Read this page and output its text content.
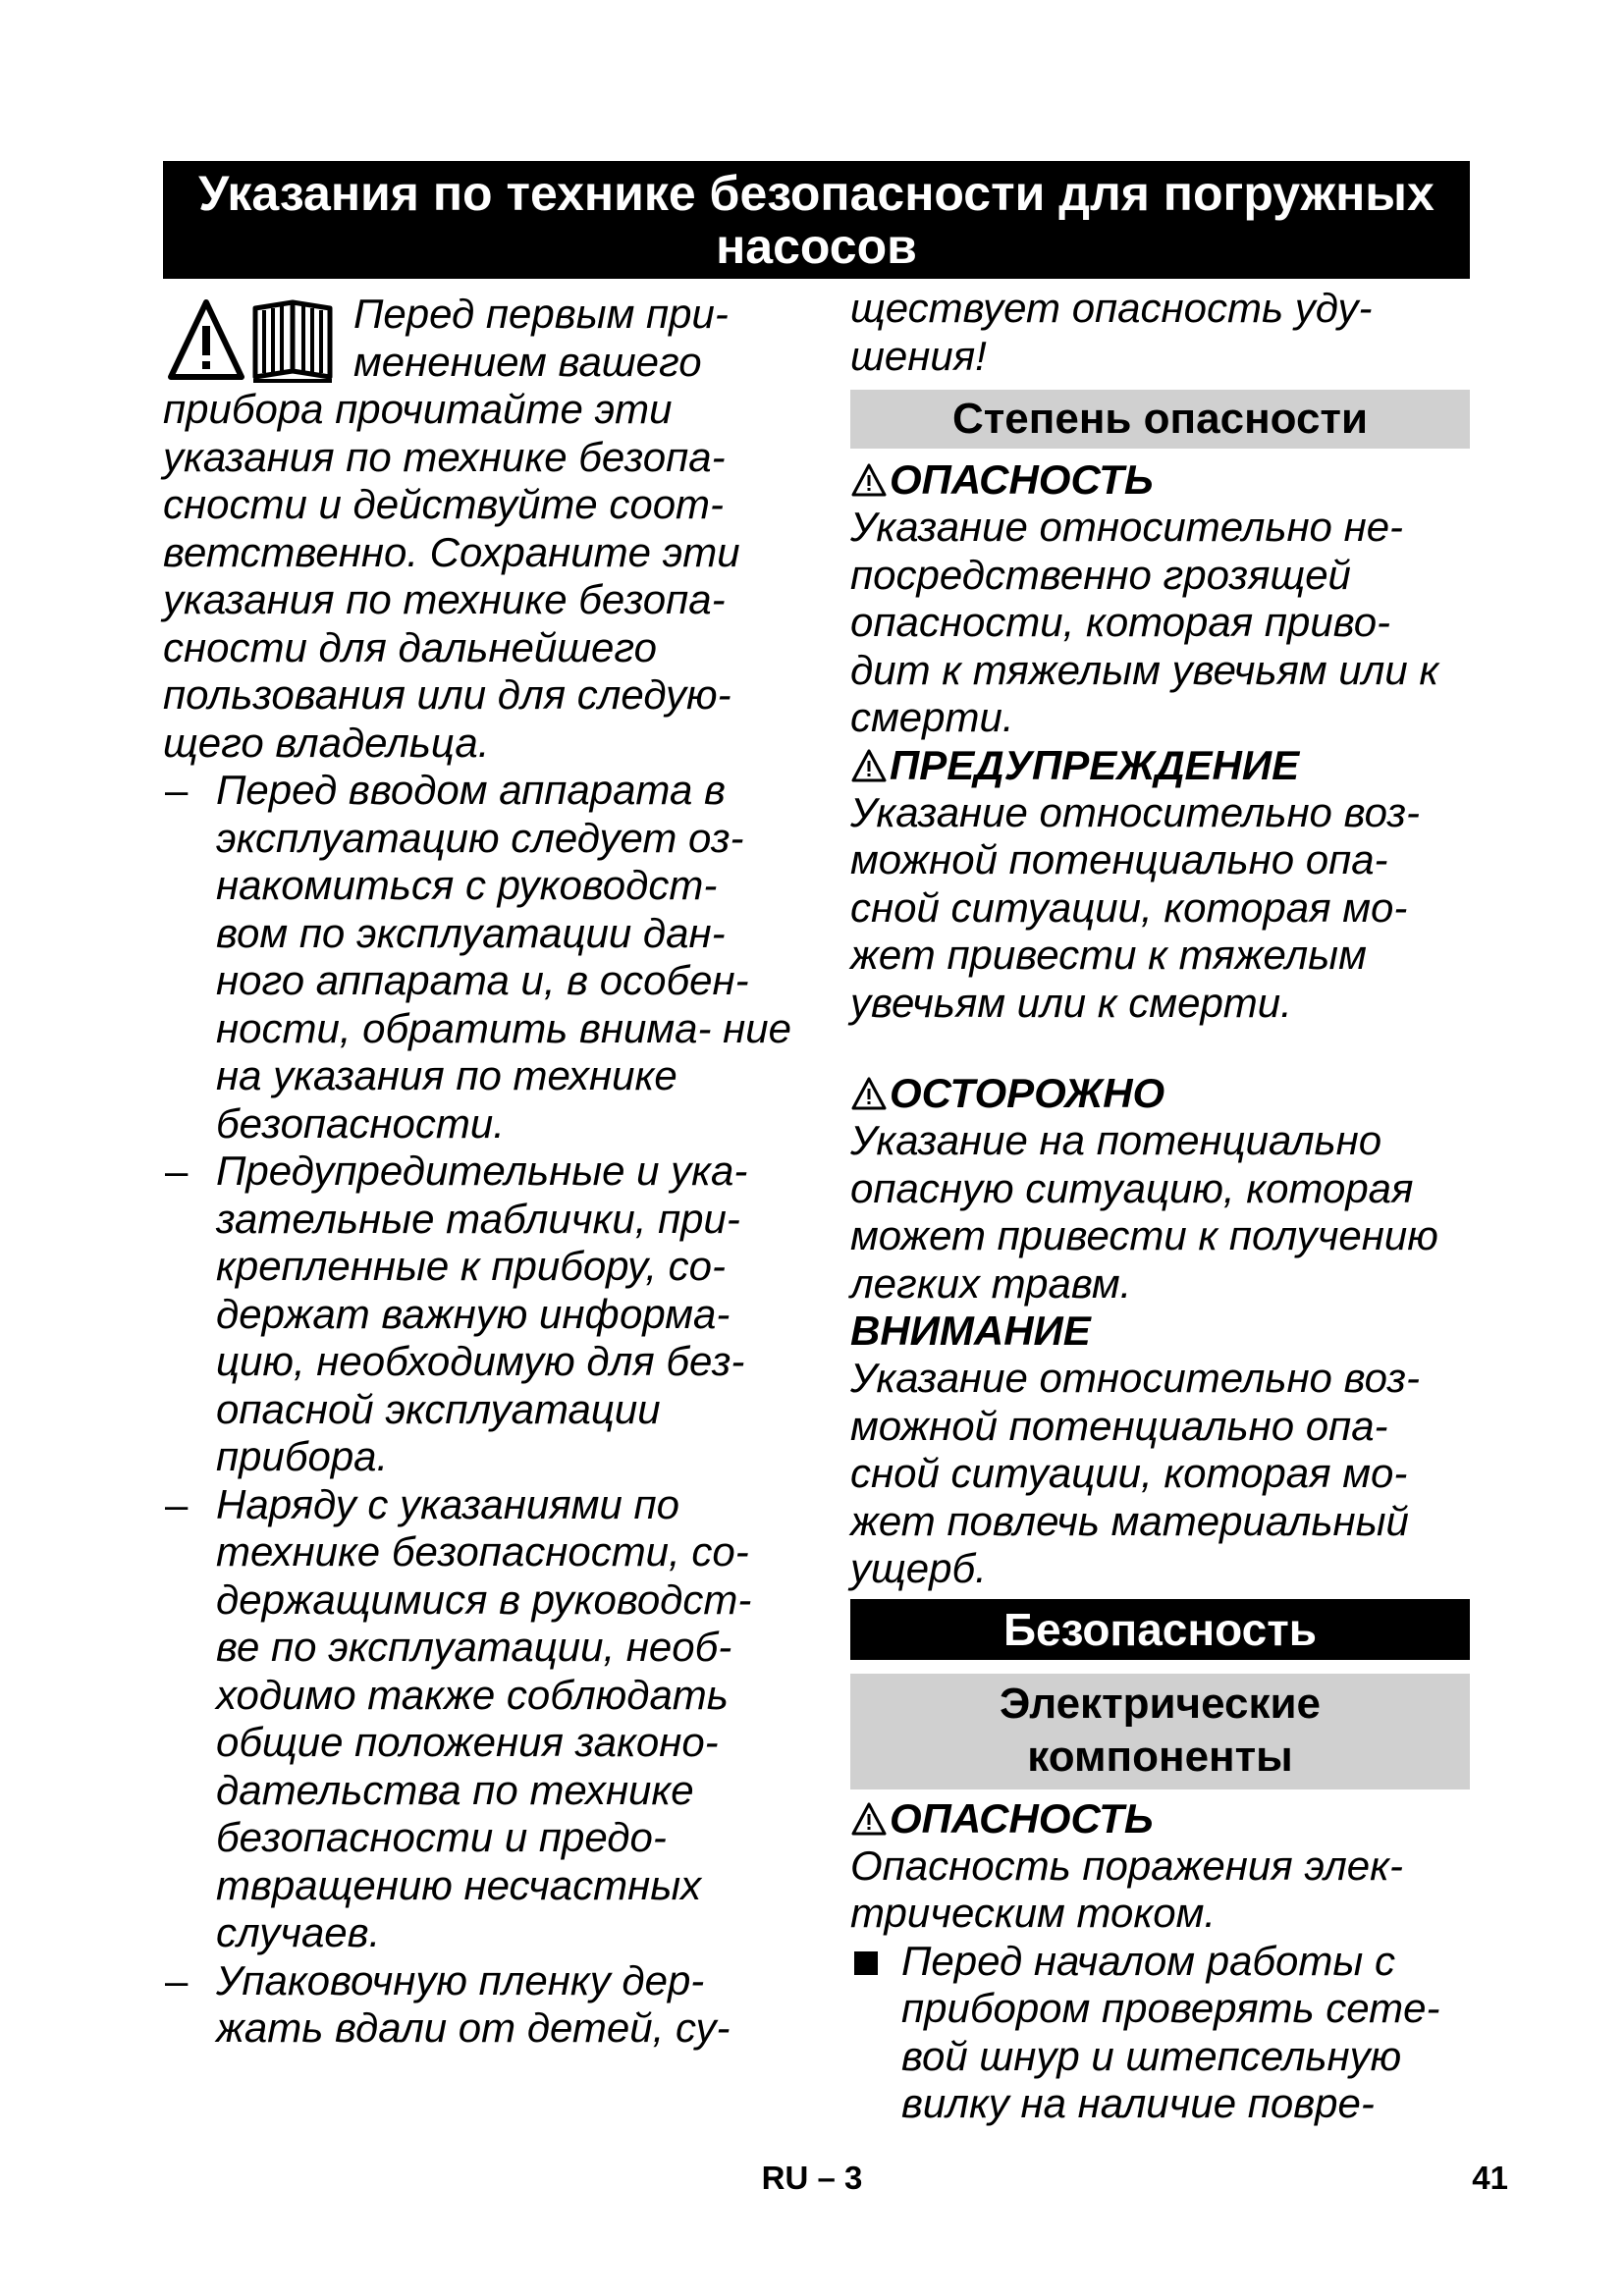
Указания по технике безопасности для погружных насосов
Перед первым при-
менением вашего

прибора прочитайте эти указания по технике безопа- сности и действуйте соот- ветственно. Сохраните эти указания по технике безопа- сности для дальнейшего пользования или для следую- щего владельца.

– Перед вводом аппарата в эксплуатацию следует оз- накомиться с руководст- вом по эксплуатации дан- ного аппарата и, в особен- ности, обратить внима- ние на указания по технике безопасности.
– Предупредительные и ука- зательные таблички, при- крепленные к прибору, со- держат важную информа- цию, необходимую для без- опасной эксплуатации прибора.
– Наряду с указаниями по технике безопасности, со- держащимися в руководст- ве по эксплуатации, необ- ходимо также соблюдать общие положения законо- дательства по технике безопасности и предо- твращению несчастных случаев.
– Упаковочную пленку дер- жать вдали от детей, су-

ществует опасность уду- шения!

Степень опасности
ОПАСНОСТЬ

Указание относительно не- посредственно грозящей опасности, которая приво- дит к тяжелым увечьям или к смерти.

ПРЕДУПРЕЖДЕНИЕ

Указание относительно воз- можной потенциально опа- сной ситуации, которая мо- жет привести к тяжелым увечьям или к смерти.

ОСТОРОЖНО

Указание на потенциально опасную ситуацию, которая может привести к получению легких травм.

ВНИМАНИЕ

Указание относительно воз- можной потенциально опа- сной ситуации, которая мо- жет повлечь материальный ущерб.

Безопасность
Электрические компоненты
ОПАСНОСТЬ

Опасность поражения элек- трическим током.

Перед началом работы с прибором проверять сете- вой шнур и штепсельную вилку на наличие повре-
RU – 3	41
